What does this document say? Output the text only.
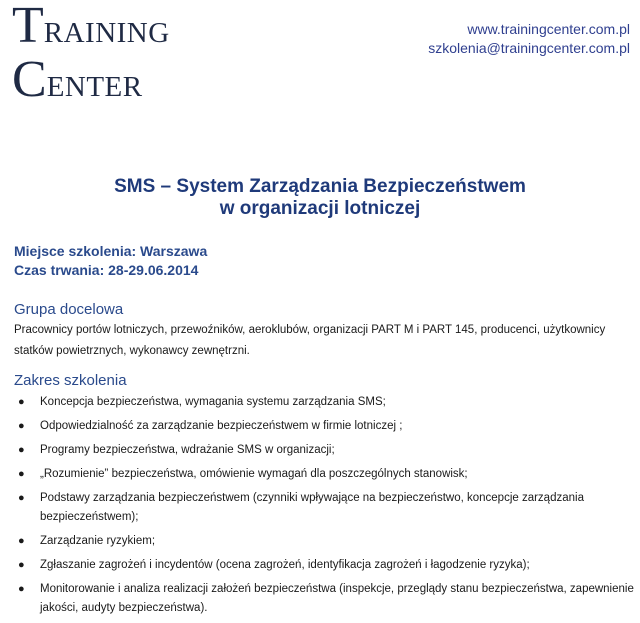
TRAINING
CENTER
www.trainingcenter.com.pl
szkolenia@trainingcenter.com.pl
SMS – System Zarządzania Bezpieczeństwem
w organizacji lotniczej
Miejsce szkolenia: Warszawa
Czas trwania: 28-29.06.2014
Grupa docelowa
Pracownicy portów lotniczych, przewoźników, aeroklubów, organizacji PART M i PART 145, producenci, użytkownicy statków powietrznych, wykonawcy zewnętrzni.
Zakres szkolenia
● Koncepcja bezpieczeństwa, wymagania systemu zarządzania SMS;
● Odpowiedzialność za zarządzanie bezpieczeństwem w firmie lotniczej ;
● Programy bezpieczeństwa, wdrażanie SMS w organizacji;
● „Rozumienie” bezpieczeństwa, omówienie wymagań dla poszczególnych stanowisk;
● Podstawy zarządzania bezpieczeństwem (czynniki wpływające na bezpieczeństwo, koncepcje zarządzania bezpieczeństwem);
● Zarządzanie ryzykiem;
● Zgłaszanie zagrożeń i incydentów (ocena zagrożeń, identyfikacja zagrożeń i łagodzenie ryzyka);
● Monitorowanie i analiza realizacji założeń bezpieczeństwa (inspekcje, przeglądy stanu bezpieczeństwa, zapewnienie jakości, audyty bezpieczeństwa).
